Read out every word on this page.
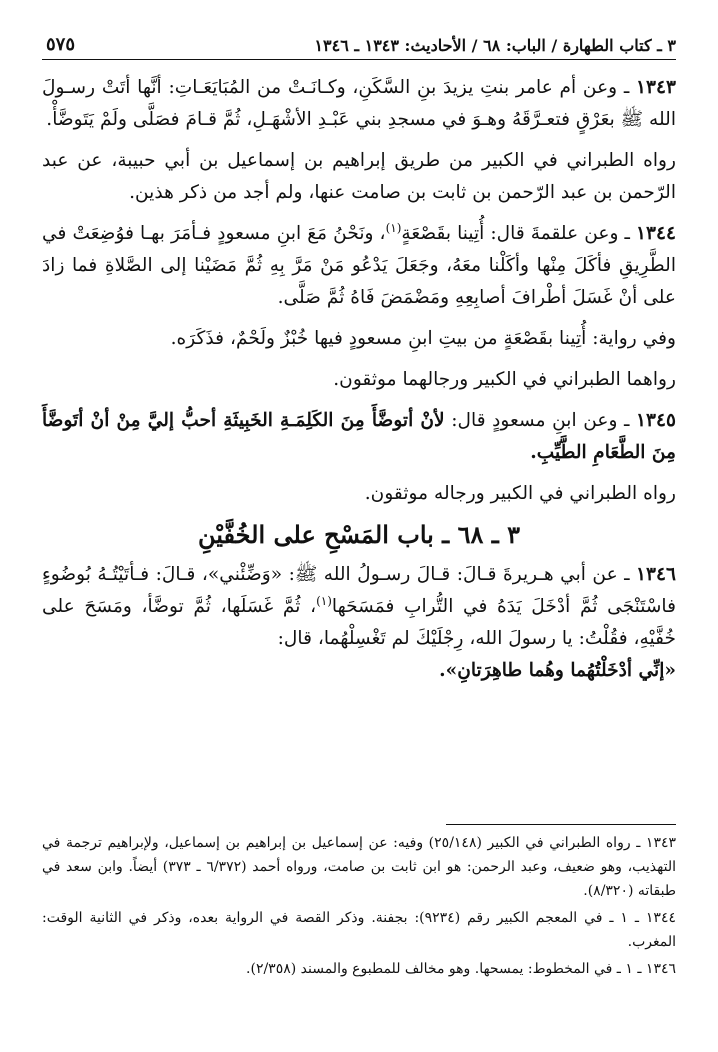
٣ ـ كتاب الطهارة / الباب: ٦٨ / الأحاديث: ١٣٤٣ ـ ١٣٤٦
٥٧٥

١٣٤٣ ـ وعن أم عامر بنتِ يزيدَ بنِ السَّكَنِ، وكـانَـتْ من المُبَايَعَـاتِ: أنَّها أتَتْ رسـولَ الله ﷺ بعَرْقٍ فتعـرَّقَهُ وهـوَ في مسجدِ بني عَبْـدِ الأشْهَـلِ، ثُمَّ قـامَ فصَلَّى ولَمْ يَتَوضَّأْ.

رواه الطبراني في الكبير من طريق إبراهيم بن إسماعيل بن أبي حبيبة، عن عبد الرّحمن بن عبد الرّحمن بن ثابت بن صامت عنها، ولم أجد من ذكر هذين.

١٣٤٤ ـ وعن علقمةَ قال: أُتِينا بقَصْعَةٍ$^{(١)}$، ونَحْنُ مَعَ ابنِ مسعودٍ فـأمَرَ بهـا فوُضِعَتْ في الطَّرِيقِ فأكَلَ مِنْها وأكَلْنا معَهُ، وجَعَلَ يَدْعُو مَنْ مَرَّ بِهِ ثُمَّ مَضَيْنا إلى الصَّلاةِ فما زادَ على أنْ غَسَلَ أطْرافَ أصابِعِهِ ومَضْمَضَ فَاهُ ثُمَّ صَلَّى.

وفي رواية: أُتِينا بقَصْعَةٍ من بيتِ ابنِ مسعودٍ فيها خُبْزٌ ولَحْمٌ، فذَكَرَه.

رواهما الطبراني في الكبير ورجالهما موثقون.

١٣٤٥ ـ وعن ابنِ مسعودٍ قال: لأنْ أتوضَّأَ مِنَ الكَلِمَـةِ الخَبِيثَةِ أحبُّ إليَّ مِنْ أنْ أتَوضَّأَ مِنَ الطَّعَامِ الطَّيِّبِ.

رواه الطبراني في الكبير ورجاله موثقون.

٣ ـ ٦٨ ـ باب المَسْحِ على الخُفَّيْنِ

١٣٤٦ ـ عن أبي هـريرةَ قـالَ: قـالَ رسـولُ الله ﷺ: «وَضِّئْني»، قـالَ: فـأتَيْتُـهُ بُوضُوءٍ فاسْتَنْجَى ثُمَّ أدْخَلَ يَدَهُ في التُّرابِ فمَسَحَها$^{(١)}$، ثُمَّ غَسَلَها، ثُمَّ توضَّأ، ومَسَحَ على خُفَّيْهِ، فقُلْتُ: يا رسولَ الله، رِجْلَيْكَ لم تَغْسِلْهُما، قال:
«إنِّي أدْخَلْتُهُما وهُما طاهِرَتانِ».

١٣٤٣ ـ رواه الطبراني في الكبير (٢٥/١٤٨) وفيه: عن إسماعيل بن إبراهيم بن إسماعيل، ولإبراهيم ترجمة في التهذيب، وهو ضعيف، وعبد الرحمن: هو ابن ثابت بن صامت، ورواه أحمد (٦/٣٧٢ ـ ٣٧٣) أيضاً. وابن سعد في طبقاته (٨/٣٢٠).

١٣٤٤ ـ ١ ـ في المعجم الكبير رقم (٩٢٣٤): بجفنة. وذكر القصة في الرواية بعده، وذكر في الثانية الوقت: المغرب.

١٣٤٦ ـ ١ ـ في المخطوط: يمسحها. وهو مخالف للمطبوع والمسند (٢/٣٥٨).
